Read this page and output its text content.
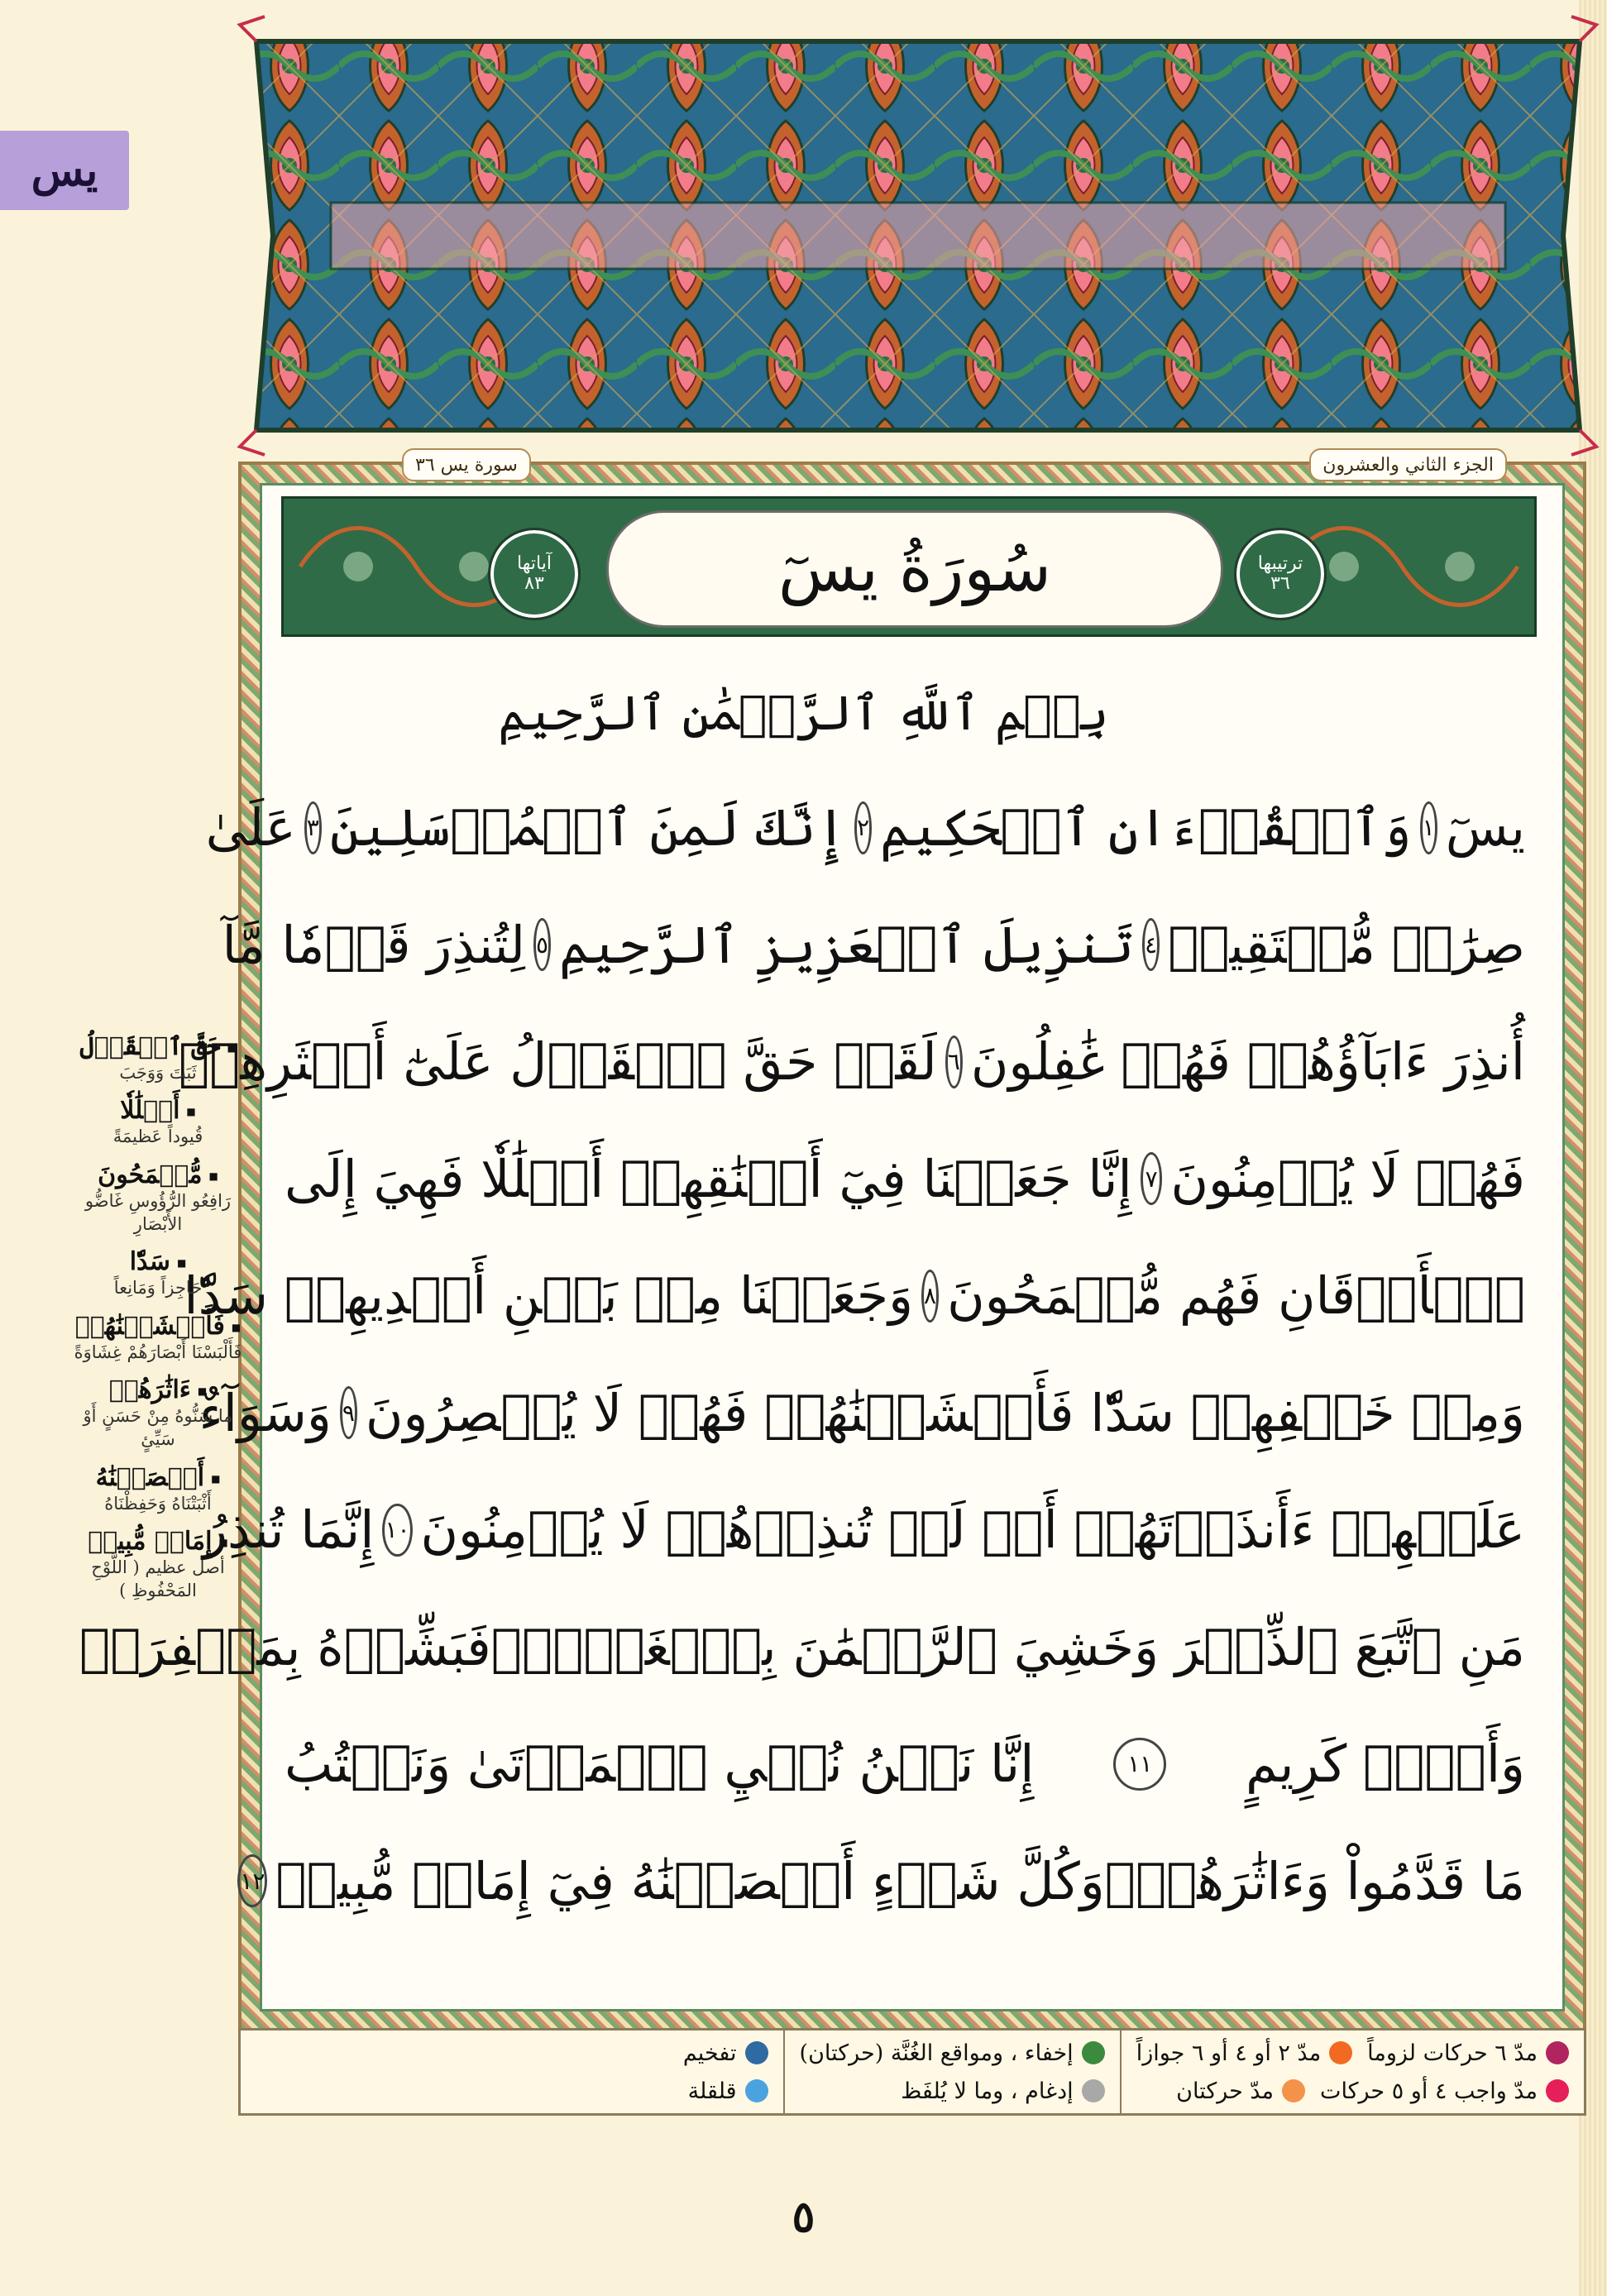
يس
سورة يس ٣٦	الجزء الثاني والعشرون
آياتها
٨٣	سُورَةُ يسٓ	ترتيبها
٣٦
بِسۡمِ ٱللَّهِ ٱلرَّحۡمَٰنِ ٱلرَّحِيمِ
يسٓ
١
وَٱلۡقُرۡءَانِ ٱلۡحَكِيمِ
٢
إِنَّكَ لَمِنَ ٱلۡمُرۡسَلِينَ
٣
عَلَىٰ
صِرَٰطٖ مُّسۡتَقِيمٖ
٤
تَنزِيلَ ٱلۡعَزِيزِ ٱلرَّحِيمِ
٥
لِتُنذِرَ قَوۡمٗا مَّآ
أُنذِرَ ءَابَآؤُهُمۡ فَهُمۡ غَٰفِلُونَ
٦
لَقَدۡ حَقَّ ٱلۡقَوۡلُ عَلَىٰٓ أَكۡثَرِهِمۡ
فَهُمۡ لَا يُؤۡمِنُونَ
٧
إِنَّا جَعَلۡنَا فِيٓ أَعۡنَٰقِهِمۡ أَغۡلَٰلٗا فَهِيَ إِلَى
ٱلۡأَذۡقَانِ فَهُم مُّقۡمَحُونَ
٨
وَجَعَلۡنَا مِنۢ بَيۡنِ أَيۡدِيهِمۡ سَدّٗا
وَمِنۡ خَلۡفِهِمۡ سَدّٗا فَأَغۡشَيۡنَٰهُمۡ فَهُمۡ لَا يُبۡصِرُونَ
٩
وَسَوَآءٌ
عَلَيۡهِمۡ ءَأَنذَرۡتَهُمۡ أَمۡ لَمۡ تُنذِرۡهُمۡ لَا يُؤۡمِنُونَ
١٠
إِنَّمَا تُنذِرُ
مَنِ ٱتَّبَعَ ٱلذِّكۡرَ وَخَشِيَ ٱلرَّحۡمَٰنَ بِٱلۡغَيۡبِۖ
فَبَشِّرۡهُ بِمَغۡفِرَةٖ
وَأَجۡرٖ كَرِيمٍ
١١
إِنَّا نَحۡنُ نُحۡيِ ٱلۡمَوۡتَىٰ وَنَكۡتُبُ
مَا قَدَّمُواْ وَءَاثَٰرَهُمۡۚ
وَكُلَّ شَيۡءٍ أَحۡصَيۡنَٰهُ فِيٓ إِمَامٖ مُّبِينٖ
١٢
■ حَقَّ ٱلۡقَوۡلُ
ثَبَتَ وَوَجَبَ
■ أَغۡلَٰلٗا
قُيوداً عَظيمَةً
■ مُّقۡمَحُونَ
رَافِعُو الرُّؤُوسِ غَاضُّو الأَبْصَارِ
■ سَدّٗا
حَاجِزاً وَمَانِعاً
■ فَأَغۡشَيۡنَٰهُمۡ
فَأَلْبَسْنَا أَبْصَارَهُمْ غِشَاوَةً
■ ءَاثَٰرَهُمۡ
ما سَنُّوهُ مِنْ حَسَنٍ أَوْ سَيِّئٍ
■ أَحۡصَيۡنَٰهُ
أَثْبَتْنَاهُ وَحَفِظْنَاهُ
■ إِمَامٖ مُّبِينٖ
أصل عظيم ( اللَّوْحِ المَحْفُوظِ )
مدّ ٦ حركات لزوماً
مدّ ٢ أو ٤ أو ٦ جوازاً
مدّ واجب ٤ أو ٥ حركات
مدّ حركتان
إخفاء ، ومواقع الغُنَّة (حركتان)
إدغام ، وما لا يُلفَظ
تفخيم
قلقلة
٥
